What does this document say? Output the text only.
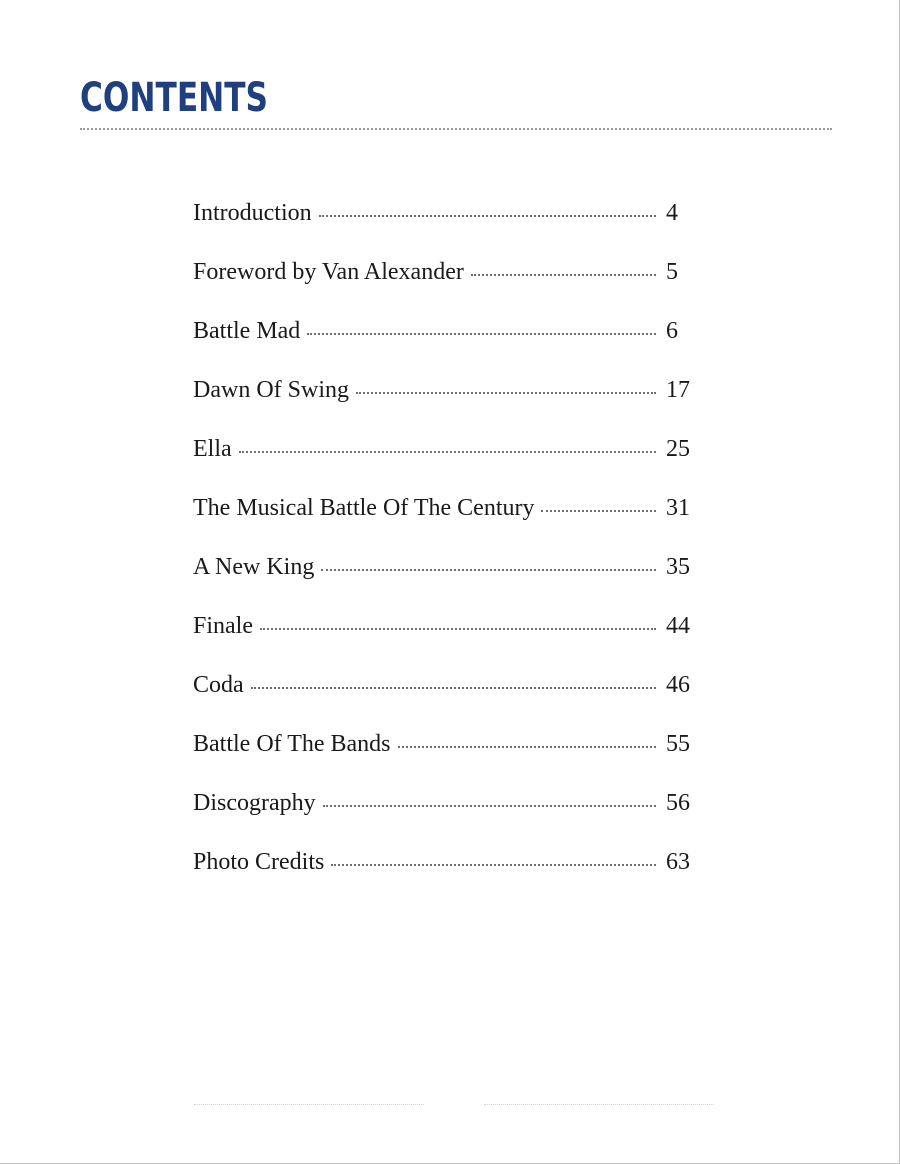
CONTENTS
Introduction	4
Foreword by Van Alexander	5
Battle Mad	6
Dawn Of Swing	17
Ella	25
The Musical Battle Of The Century	31
A New King	35
Finale	44
Coda	46
Battle Of The Bands	55
Discography	56
Photo Credits	63
